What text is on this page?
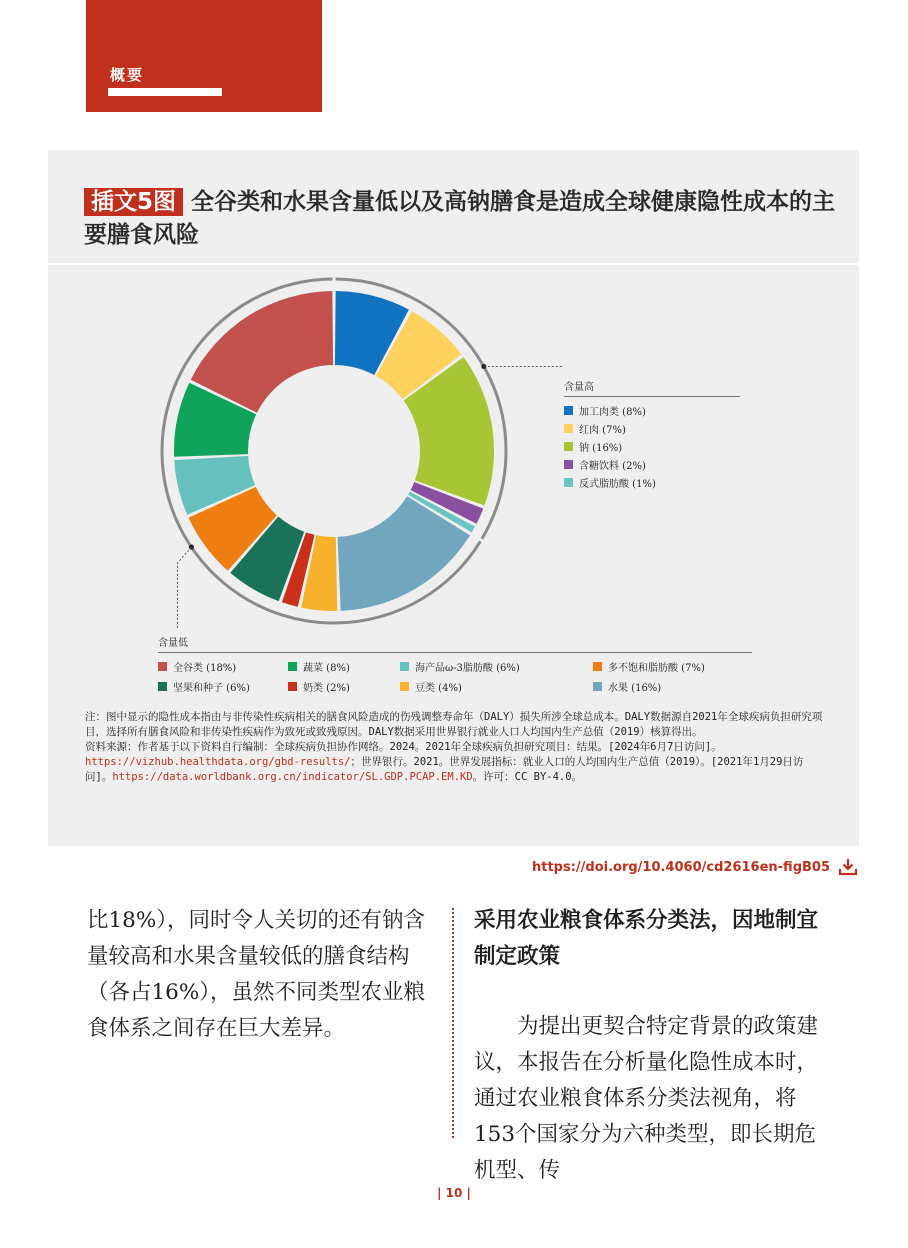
概要
插文5图 全谷类和水果含量低以及高钠膳食是造成全球健康隐性成本的主要膳食风险
含量高
加工肉类 (8%)
红肉 (7%)
钠 (16%)
含糖饮料 (2%)
反式脂肪酸 (1%)
含量低
全谷类 (18%)	蔬菜 (8%)	海产品ω-3脂肪酸 (6%)	多不饱和脂肪酸 (7%)
坚果和种子 (6%)	奶类 (2%)	豆类 (4%)	水果 (16%)
注：图中显示的隐性成本指由与非传染性疾病相关的膳食风险造成的伤残调整寿命年（DALY）损失所涉全球总成本。DALY数据源自2021年全球疾病负担研究项目，选择所有膳食风险和非传染性疾病作为致死或致残原因。DALY数据采用世界银行就业人口人均国内生产总值（2019）核算得出。
资料来源：作者基于以下资料自行编制：全球疾病负担协作网络。2024。2021年全球疾病负担研究项目：结果。[2024年6月7日访问]。https://vizhub.healthdata.org/gbd-results/；世界银行。2021。世界发展指标：就业人口的人均国内生产总值（2019）。[2021年1月29日访问]。https://data.worldbank.org.cn/indicator/SL.GDP.PCAP.EM.KD。许可：CC BY-4.0。
https://doi.org/10.4060/cd2616en-figB05

比18%），同时令人关切的还有钠含量较高和水果含量较低的膳食结构（各占16%），虽然不同类型农业粮食体系之间存在巨大差异。

采用农业粮食体系分类法，因地制宜制定政策

为提出更契合特定背景的政策建议，本报告在分析量化隐性成本时，通过农业粮食体系分类法视角，将153个国家分为六种类型，即长期危机型、传

| 10 |
